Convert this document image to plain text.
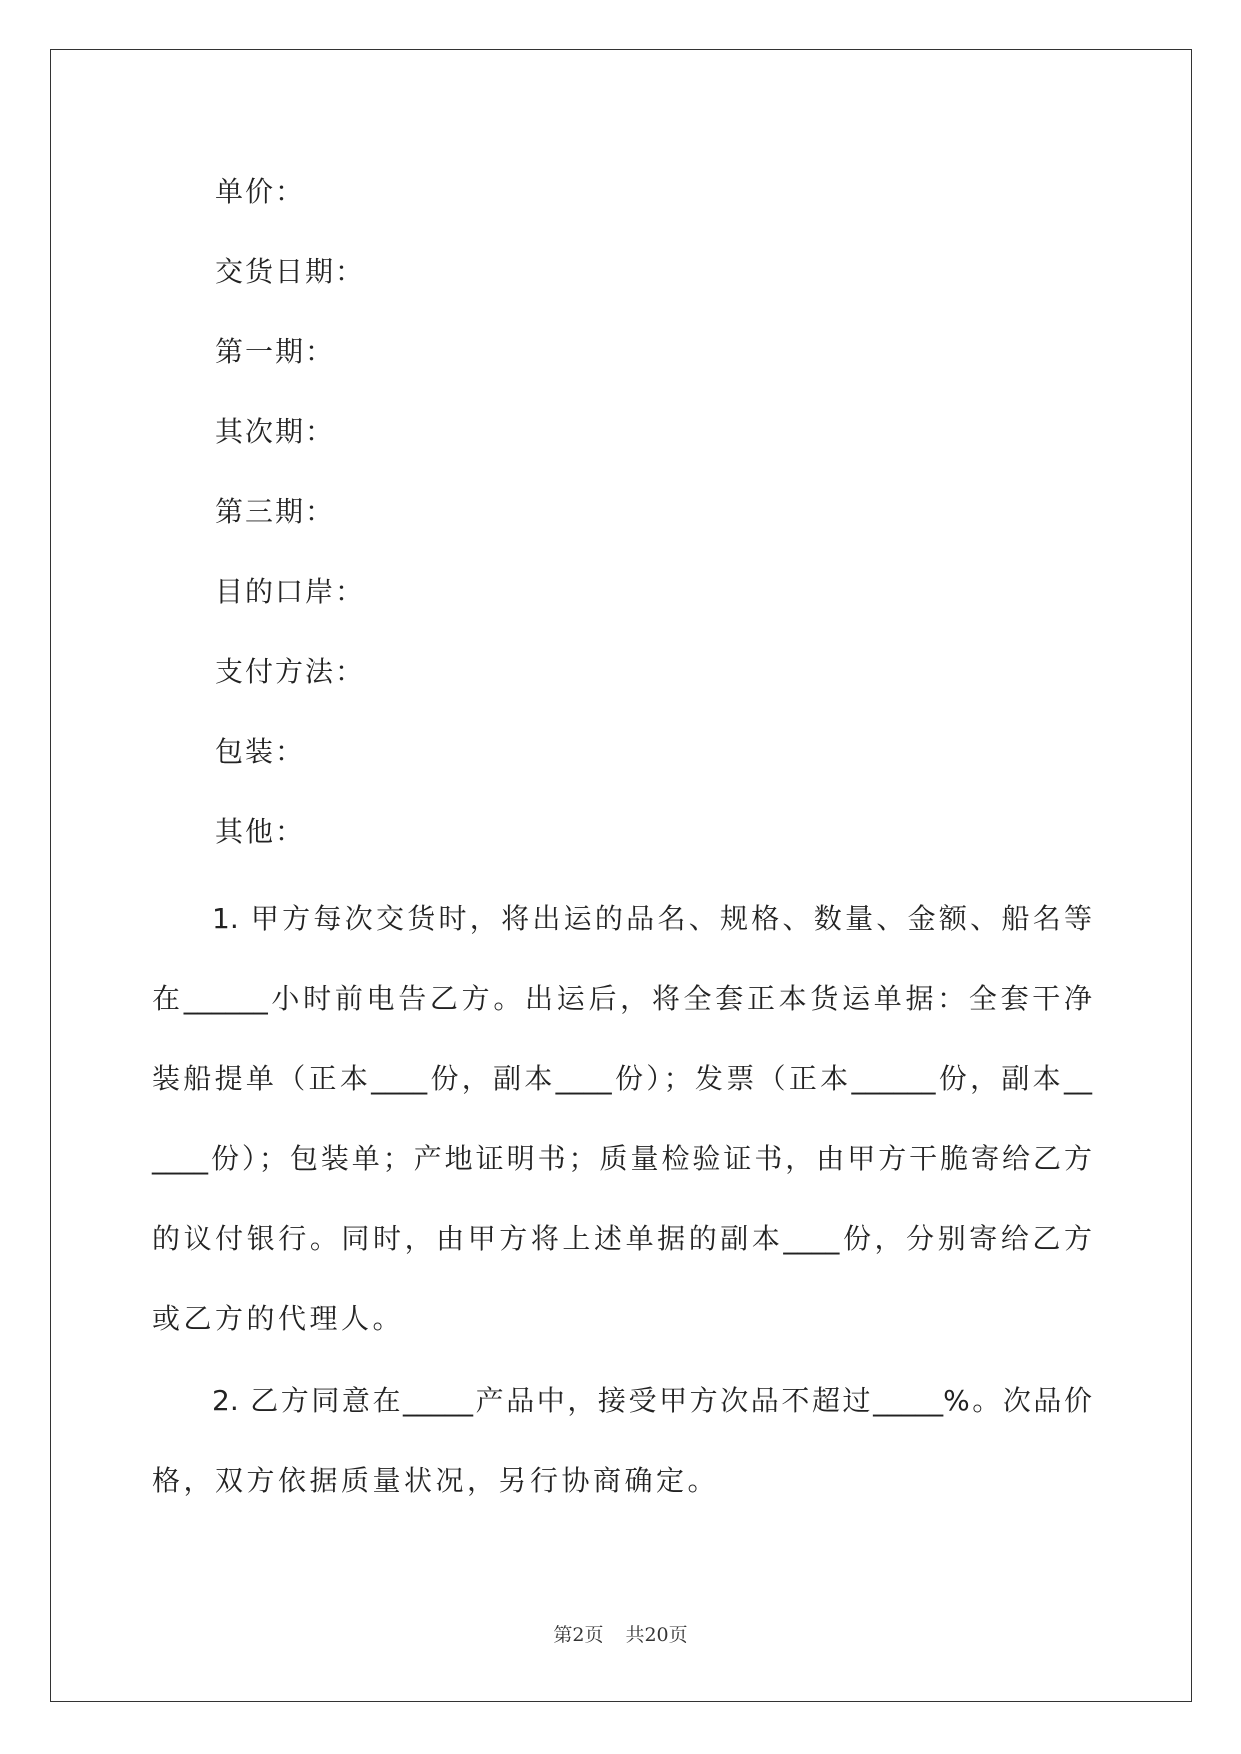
单价：
交货日期：
第一期：
其次期：
第三期：
目的口岸：
支付方法：
包装：
其他：
1. 甲方每次交货时，将出运的品名、规格、数量、金额、船名等
在______小时前电告乙方。出运后，将全套正本货运单据：全套干净
装船提单（正本____份，副本____份）；发票（正本______份，副本__
____份）；包装单；产地证明书；质量检验证书，由甲方干脆寄给乙方
的议付银行。同时，由甲方将上述单据的副本____份，分别寄给乙方
或乙方的代理人。
2. 乙方同意在_____产品中，接受甲方次品不超过_____%。次品价
格，双方依据质量状况，另行协商确定。
第2页 共20页
